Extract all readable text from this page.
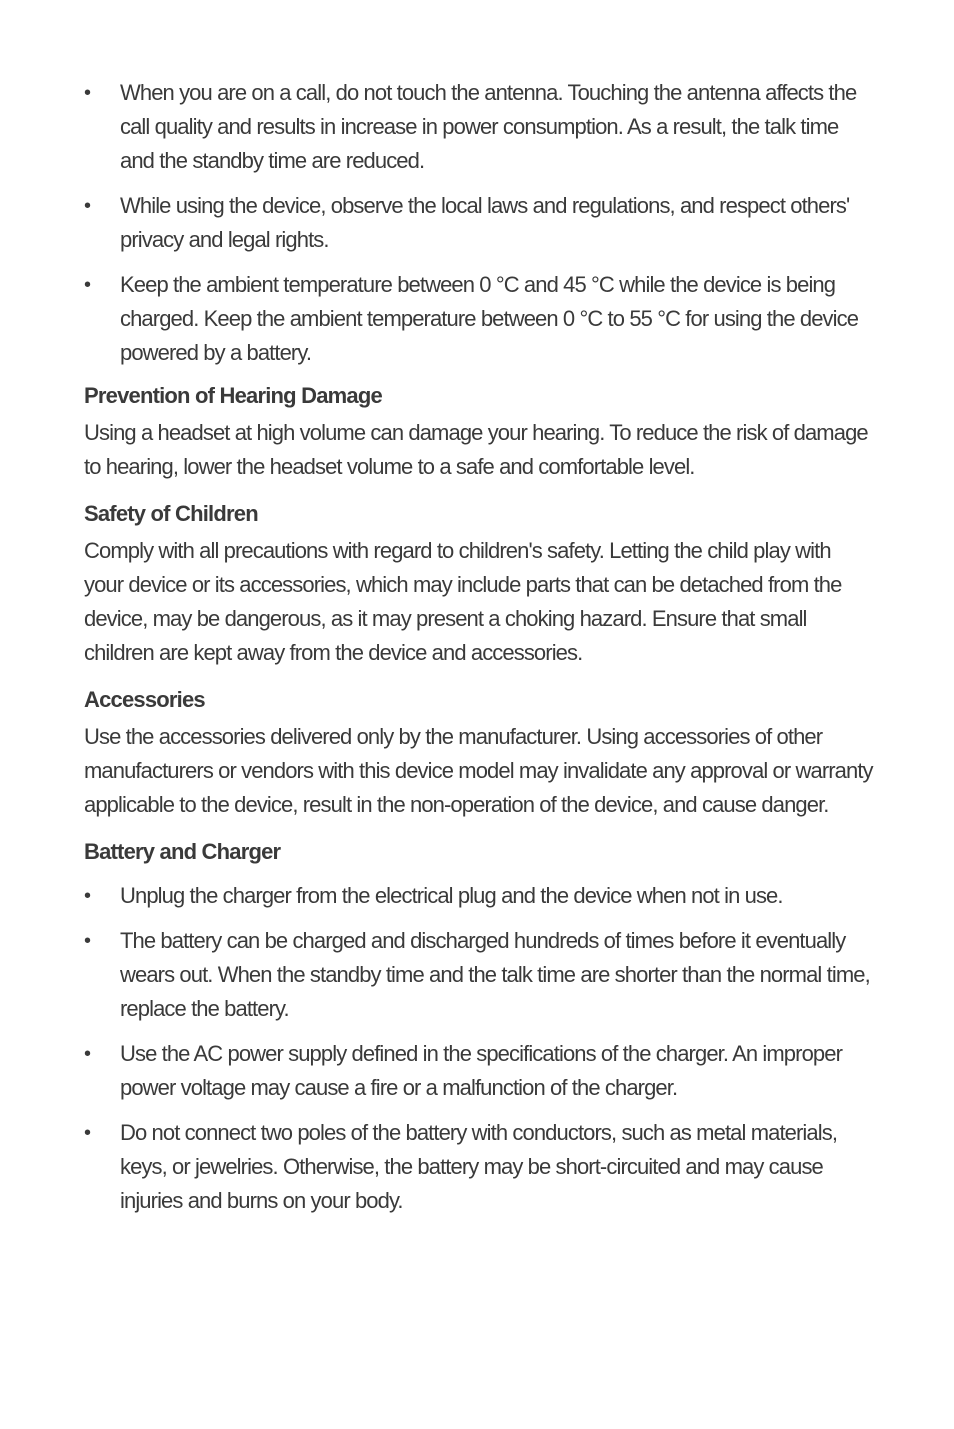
•	When you are on a call, do not touch the antenna. Touching the antenna affects the call quality and results in increase in power consumption. As a result, the talk time and the standby time are reduced.
•	While using the device, observe the local laws and regulations, and respect others' privacy and legal rights.
•	Keep the ambient temperature between 0 °C and 45 °C while the device is being charged. Keep the ambient temperature between 0 °C to 55 °C for using the device powered by a battery.
Prevention of Hearing Damage

Using a headset at high volume can damage your hearing. To reduce the risk of damage to hearing, lower the headset volume to a safe and comfortable level.

Safety of Children

Comply with all precautions with regard to children's safety. Letting the child play with your device or its accessories, which may include parts that can be detached from the device, may be dangerous, as it may present a choking hazard. Ensure that small children are kept away from the device and accessories.

Accessories

Use the accessories delivered only by the manufacturer. Using accessories of other manufacturers or vendors with this device model may invalidate any approval or warranty applicable to the device, result in the non-operation of the device, and cause danger.

Battery and Charger
•	Unplug the charger from the electrical plug and the device when not in use.
•	The battery can be charged and discharged hundreds of times before it eventually wears out. When the standby time and the talk time are shorter than the normal time, replace the battery.
•	Use the AC power supply defined in the specifications of the charger. An improper power voltage may cause a fire or a malfunction of the charger.
•	Do not connect two poles of the battery with conductors, such as metal materials, keys, or jewelries. Otherwise, the battery may be short-circuited and may cause injuries and burns on your body.
